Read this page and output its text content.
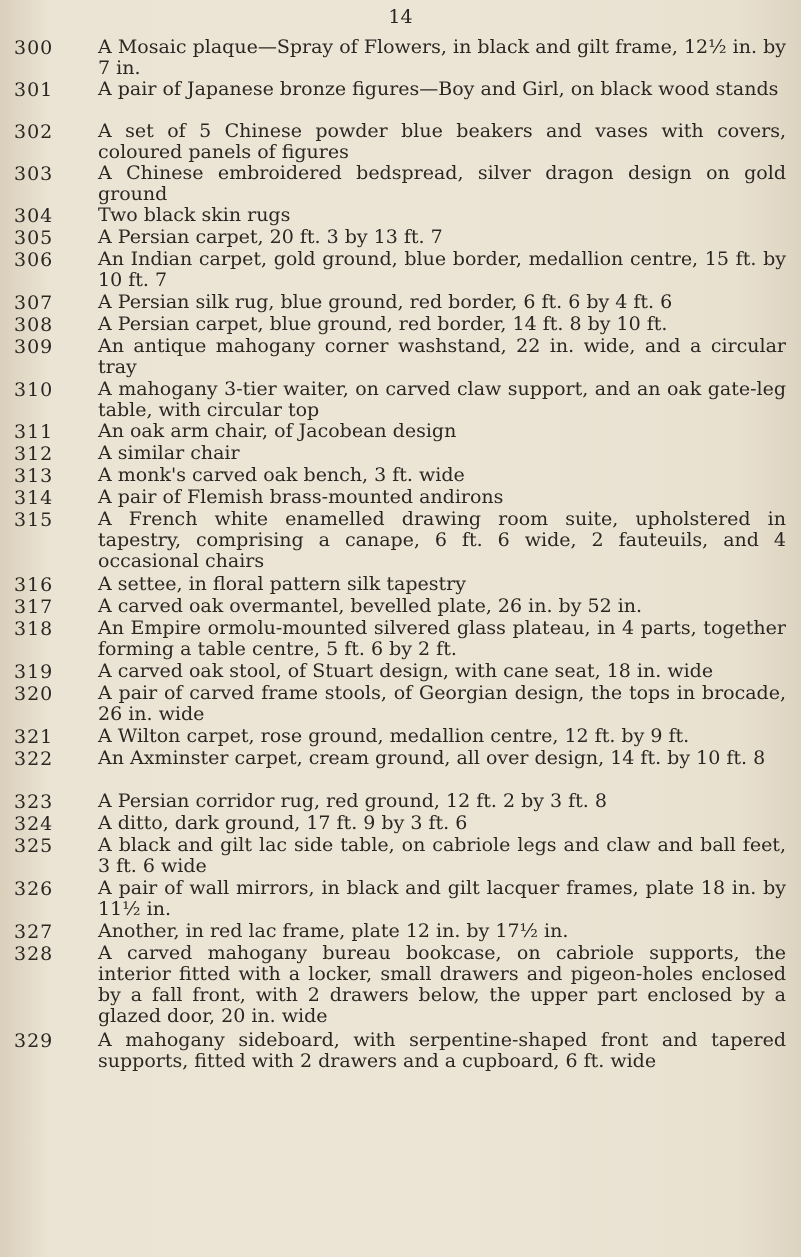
14
300	A Mosaic plaque—Spray of Flowers, in black and gilt frame, 12½ in. by 7 in.
301	A pair of Japanese bronze figures—Boy and Girl, on black wood stands
302	A set of 5 Chinese powder blue beakers and vases with covers, coloured panels of figures
303	A Chinese embroidered bedspread, silver dragon design on gold ground
304	Two black skin rugs
305	A Persian carpet, 20 ft. 3 by 13 ft. 7
306	An Indian carpet, gold ground, blue border, medallion centre, 15 ft. by 10 ft. 7
307	A Persian silk rug, blue ground, red border, 6 ft. 6 by 4 ft. 6
308	A Persian carpet, blue ground, red border, 14 ft. 8 by 10 ft.
309	An antique mahogany corner washstand, 22 in. wide, and a circular tray
310	A mahogany 3-tier waiter, on carved claw support, and an oak gate-leg table, with circular top
311	An oak arm chair, of Jacobean design
312	A similar chair
313	A monk's carved oak bench, 3 ft. wide
314	A pair of Flemish brass-mounted andirons
315	A French white enamelled drawing room suite, upholstered in tapestry, comprising a canape, 6 ft. 6 wide, 2 fauteuils, and 4 occasional chairs
316	A settee, in floral pattern silk tapestry
317	A carved oak overmantel, bevelled plate, 26 in. by 52 in.
318	An Empire ormolu-mounted silvered glass plateau, in 4 parts, together forming a table centre, 5 ft. 6 by 2 ft.
319	A carved oak stool, of Stuart design, with cane seat, 18 in. wide
320	A pair of carved frame stools, of Georgian design, the tops in brocade, 26 in. wide
321	A Wilton carpet, rose ground, medallion centre, 12 ft. by 9 ft.
322	An Axminster carpet, cream ground, all over design, 14 ft. by 10 ft. 8
323	A Persian corridor rug, red ground, 12 ft. 2 by 3 ft. 8
324	A ditto, dark ground, 17 ft. 9 by 3 ft. 6
325	A black and gilt lac side table, on cabriole legs and claw and ball feet, 3 ft. 6 wide
326	A pair of wall mirrors, in black and gilt lacquer frames, plate 18 in. by 11½ in.
327	Another, in red lac frame, plate 12 in. by 17½ in.
328	A carved mahogany bureau bookcase, on cabriole supports, the interior fitted with a locker, small drawers and pigeon-holes enclosed by a fall front, with 2 drawers below, the upper part enclosed by a glazed door, 20 in. wide
329	A mahogany sideboard, with serpentine-shaped front and tapered supports, fitted with 2 drawers and a cupboard, 6 ft. wide
